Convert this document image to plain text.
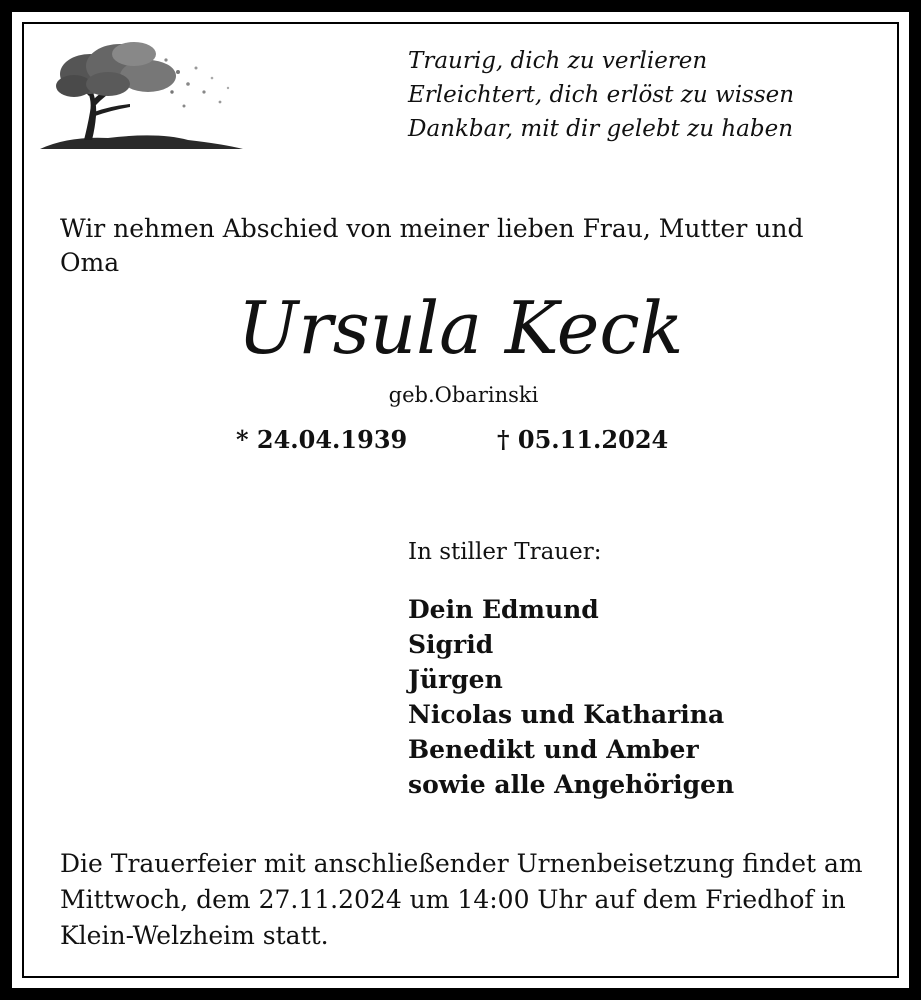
Traurig, dich zu verlieren
Erleichtert, dich erlöst zu wissen
Dankbar, mit dir gelebt zu haben
Wir nehmen Abschied von meiner lieben Frau, Mutter und Oma
Ursula Keck
geb.Obarinski
* 24.04.1939	† 05.11.2024
In stiller Trauer:
Dein Edmund
Sigrid
Jürgen
Nicolas und Katharina
Benedikt und Amber
sowie alle Angehörigen
Die Trauerfeier mit anschließender Urnenbeisetzung findet am Mittwoch, dem 27.11.2024 um 14:00 Uhr auf dem Friedhof in Klein-Welzheim statt.
